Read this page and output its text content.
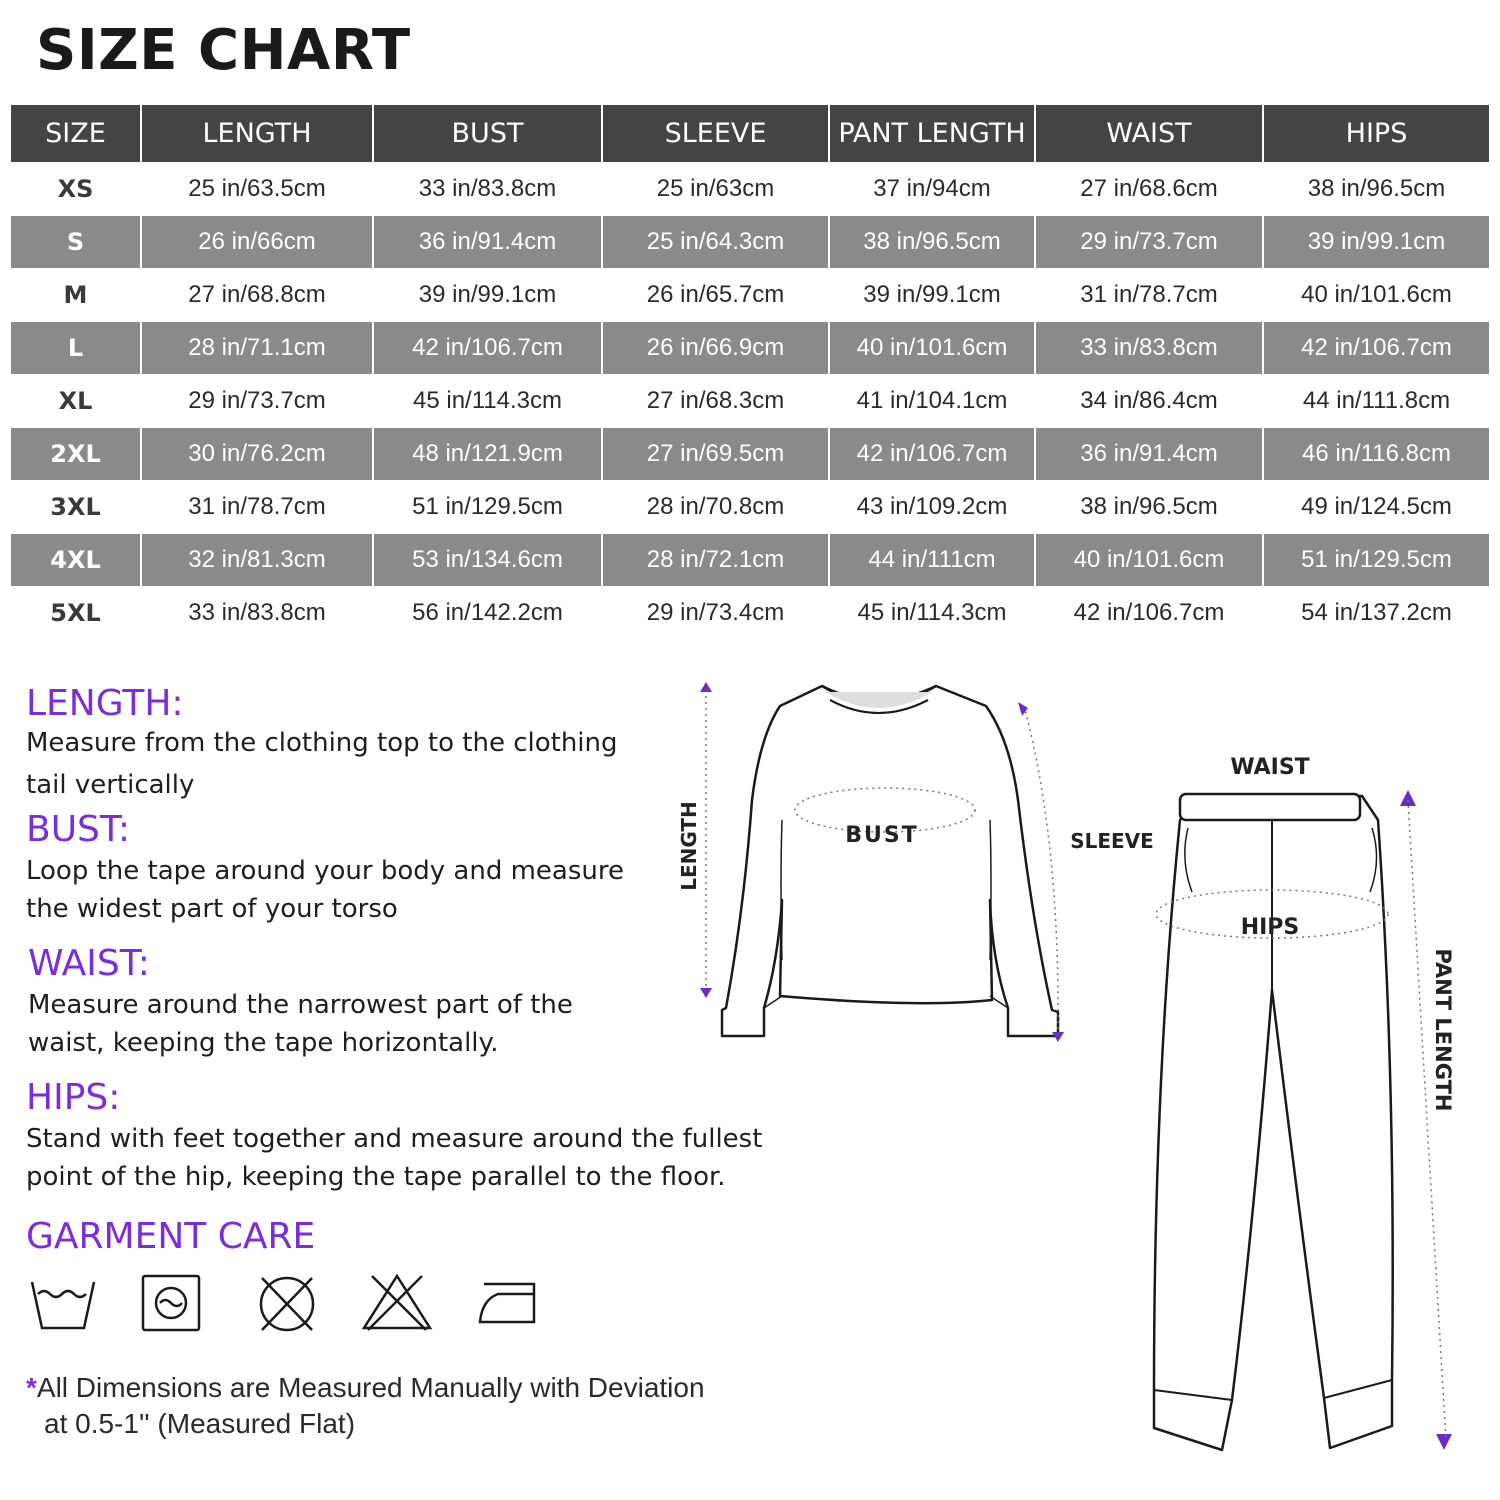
SIZE CHART
SIZE	LENGTH	BUST	SLEEVE	PANT LENGTH	WAIST	HIPS
XS	25 in/63.5cm	33 in/83.8cm	25 in/63cm	37 in/94cm	27 in/68.6cm	38 in/96.5cm
S	26 in/66cm	36 in/91.4cm	25 in/64.3cm	38 in/96.5cm	29 in/73.7cm	39 in/99.1cm
M	27 in/68.8cm	39 in/99.1cm	26 in/65.7cm	39 in/99.1cm	31 in/78.7cm	40 in/101.6cm
L	28 in/71.1cm	42 in/106.7cm	26 in/66.9cm	40 in/101.6cm	33 in/83.8cm	42 in/106.7cm
XL	29 in/73.7cm	45 in/114.3cm	27 in/68.3cm	41 in/104.1cm	34 in/86.4cm	44 in/111.8cm
2XL	30 in/76.2cm	48 in/121.9cm	27 in/69.5cm	42 in/106.7cm	36 in/91.4cm	46 in/116.8cm
3XL	31 in/78.7cm	51 in/129.5cm	28 in/70.8cm	43 in/109.2cm	38 in/96.5cm	49 in/124.5cm
4XL	32 in/81.3cm	53 in/134.6cm	28 in/72.1cm	44 in/111cm	40 in/101.6cm	51 in/129.5cm
5XL	33 in/83.8cm	56 in/142.2cm	29 in/73.4cm	45 in/114.3cm	42 in/106.7cm	54 in/137.2cm

LENGTH:

Measure from the clothing top to the clothing

tail vertically

BUST:

Loop the tape around your body and measure

the widest part of your torso

WAIST:

Measure around the narrowest part of the

waist, keeping the tape horizontally.

HIPS:

Stand with feet together and measure around the fullest

point of the hip, keeping the tape parallel to the floor.

GARMENT CARE

*All Dimensions are Measured Manually with Deviation
at 0.5-1'' (Measured Flat)
LENGTH	BUST	SLEEVE
WAIST
HIPS
PANT LENGTH
